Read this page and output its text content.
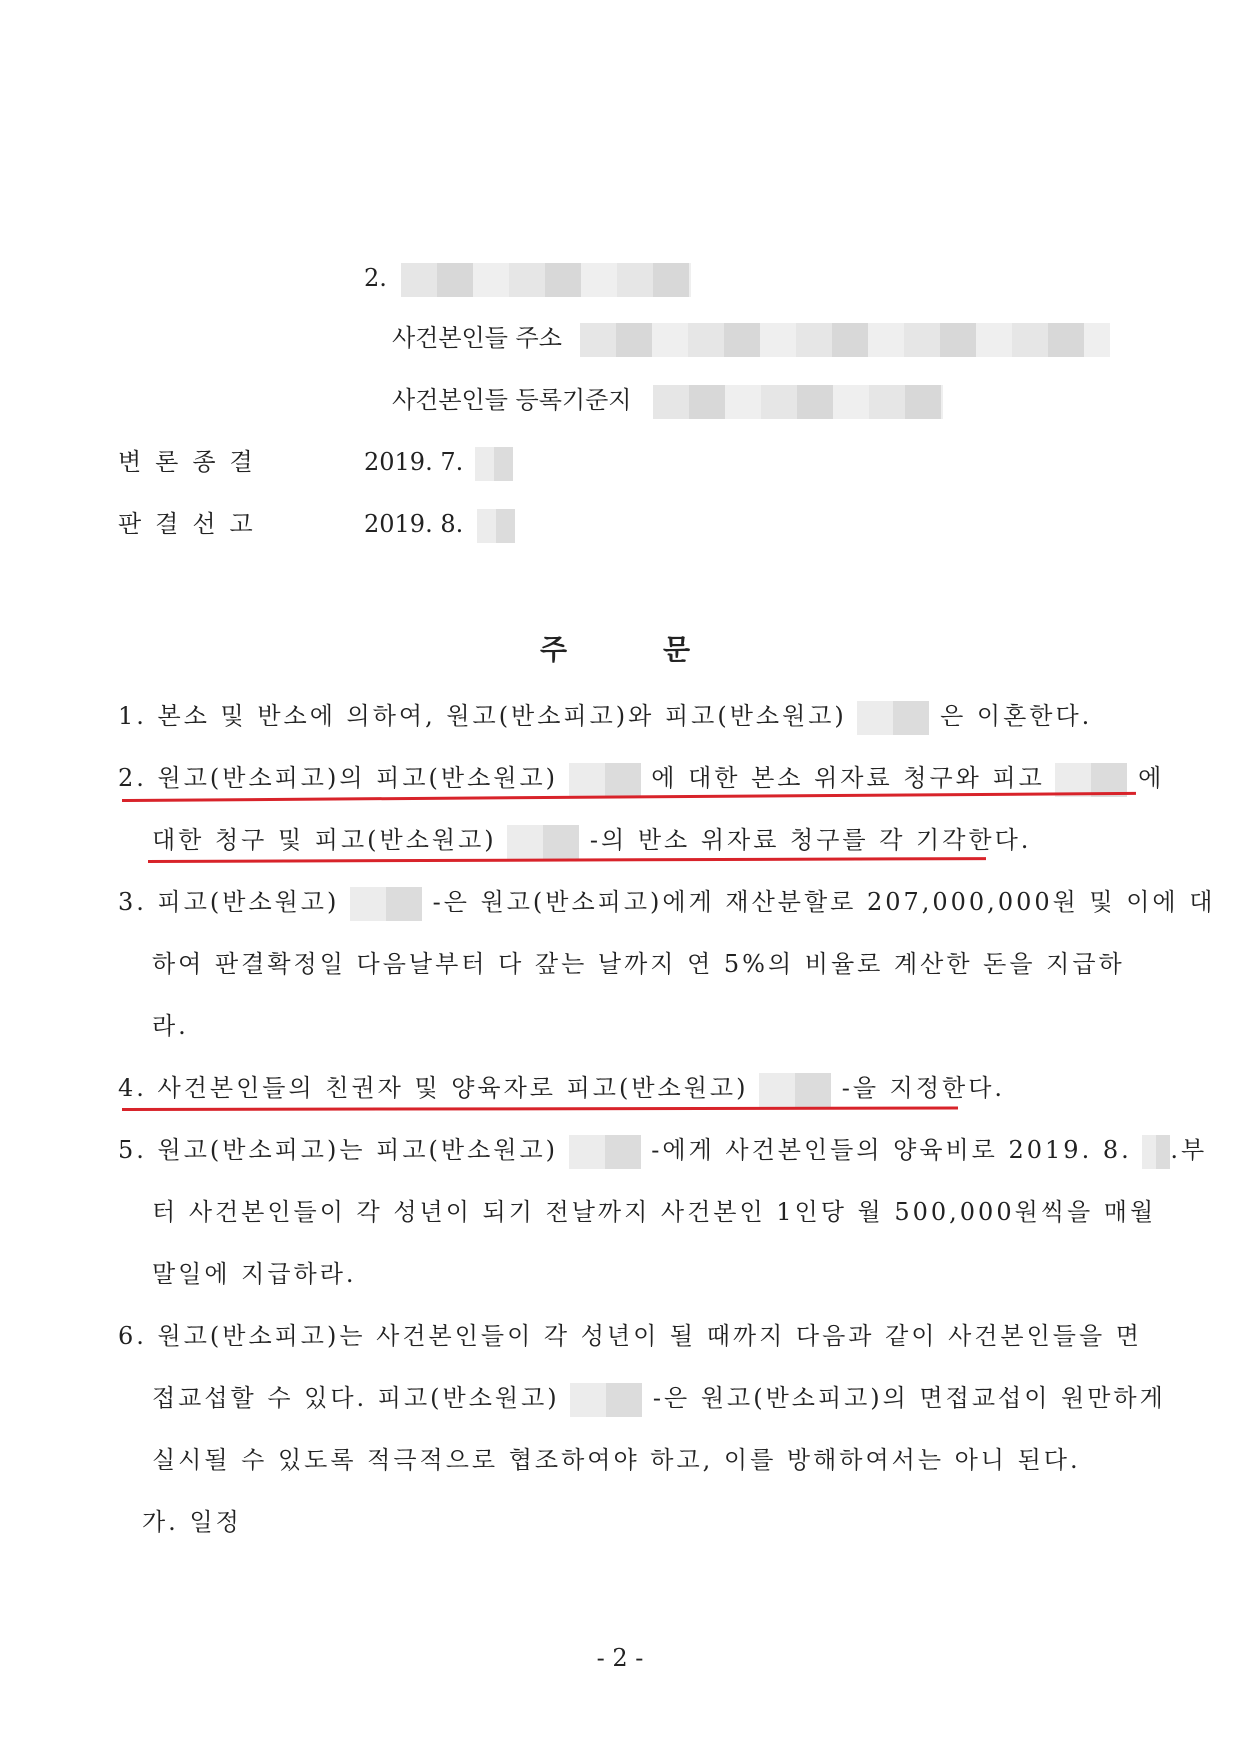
2.
사건본인들 주소
사건본인들 등록기준지
변론종결	2019. 7.
판결선고	2019. 8.
주	문
1. 본소 및 반소에 의하여, 원고(반소피고)와 피고(반소원고)	은 이혼한다.
2. 원고(반소피고)의 피고(반소원고)	에 대한 본소 위자료 청구와 피고	에
대한 청구 및 피고(반소원고)	-의 반소 위자료 청구를 각 기각한다.
3. 피고(반소원고)	-은 원고(반소피고)에게 재산분할로 207,000,000원 및 이에 대
하여 판결확정일 다음날부터 다 갚는 날까지 연 5%의 비율로 계산한 돈을 지급하
라.
4. 사건본인들의 친권자 및 양육자로 피고(반소원고)	-을 지정한다.
5. 원고(반소피고)는 피고(반소원고)	-에게 사건본인들의 양육비로 2019. 8. .부
터 사건본인들이 각 성년이 되기 전날까지 사건본인 1인당 월 500,000원씩을 매월
말일에 지급하라.
6. 원고(반소피고)는 사건본인들이 각 성년이 될 때까지 다음과 같이 사건본인들을 면
접교섭할 수 있다. 피고(반소원고)	-은 원고(반소피고)의 면접교섭이 원만하게
실시될 수 있도록 적극적으로 협조하여야 하고, 이를 방해하여서는 아니 된다.
가. 일정
- 2 -
